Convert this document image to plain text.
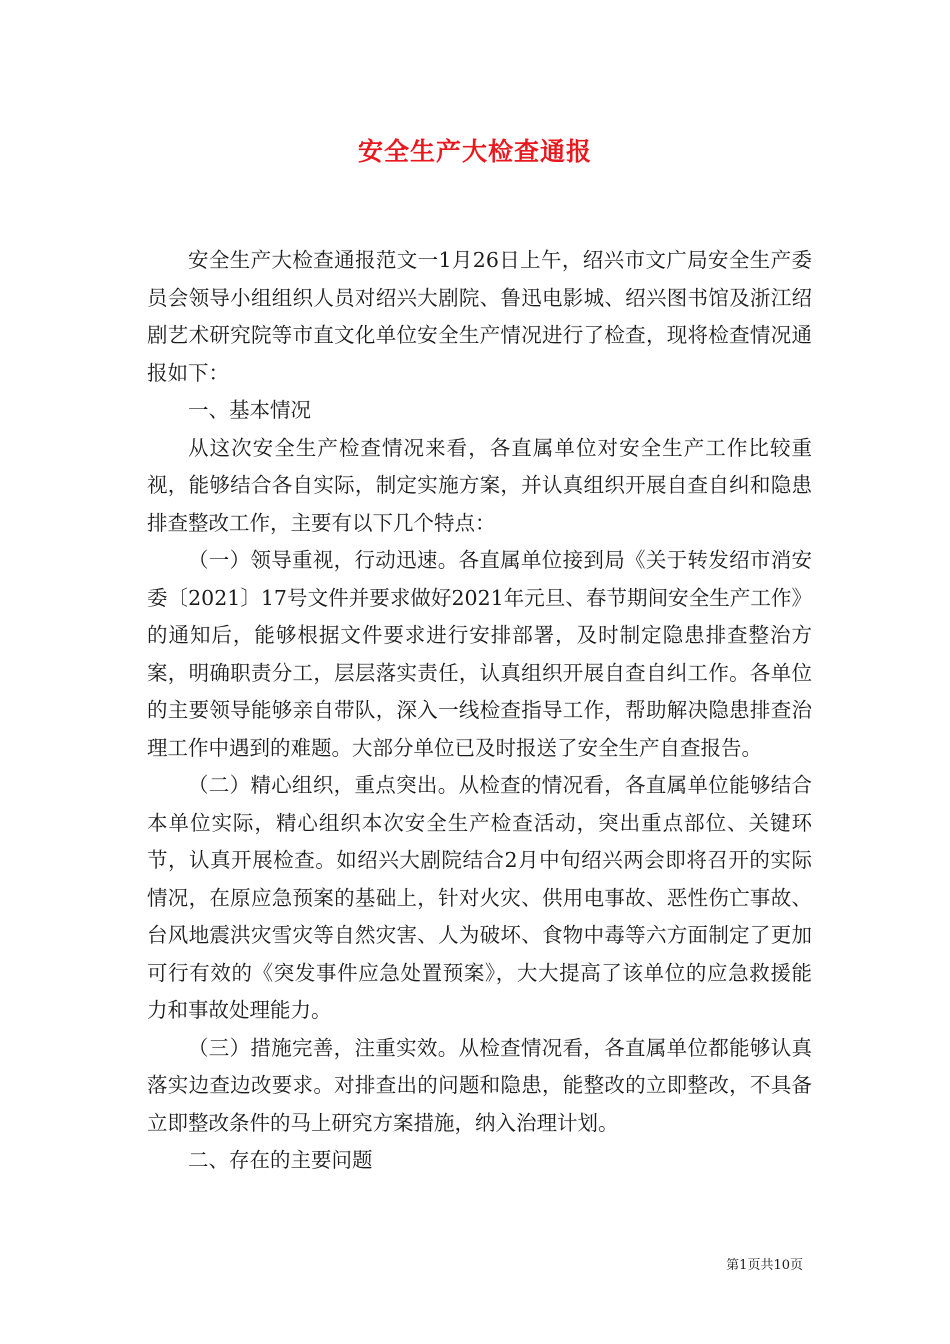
安全生产大检查通报

安全生产大检查通报范文一1月26日上午，绍兴市文广局安全生产委员会领导小组组织人员对绍兴大剧院、鲁迅电影城、绍兴图书馆及浙江绍剧艺术研究院等市直文化单位安全生产情况进行了检查，现将检查情况通报如下：

一、基本情况

从这次安全生产检查情况来看，各直属单位对安全生产工作比较重视，能够结合各自实际，制定实施方案，并认真组织开展自查自纠和隐患排查整改工作，主要有以下几个特点：

（一）领导重视，行动迅速。各直属单位接到局《关于转发绍市消安委〔2021〕17号文件并要求做好2021年元旦、春节期间安全生产工作》的通知后，能够根据文件要求进行安排部署，及时制定隐患排查整治方案，明确职责分工，层层落实责任，认真组织开展自查自纠工作。各单位的主要领导能够亲自带队，深入一线检查指导工作，帮助解决隐患排查治理工作中遇到的难题。大部分单位已及时报送了安全生产自查报告。

（二）精心组织，重点突出。从检查的情况看，各直属单位能够结合本单位实际，精心组织本次安全生产检查活动，突出重点部位、关键环节，认真开展检查。如绍兴大剧院结合2月中旬绍兴两会即将召开的实际情况，在原应急预案的基础上，针对火灾、供用电事故、恶性伤亡事故、台风地震洪灾雪灾等自然灾害、人为破坏、食物中毒等六方面制定了更加可行有效的《突发事件应急处置预案》，大大提高了该单位的应急救援能力和事故处理能力。

（三）措施完善，注重实效。从检查情况看，各直属单位都能够认真落实边查边改要求。对排查出的问题和隐患，能整改的立即整改，不具备立即整改条件的马上研究方案措施，纳入治理计划。

二、存在的主要问题

第1页共10页
